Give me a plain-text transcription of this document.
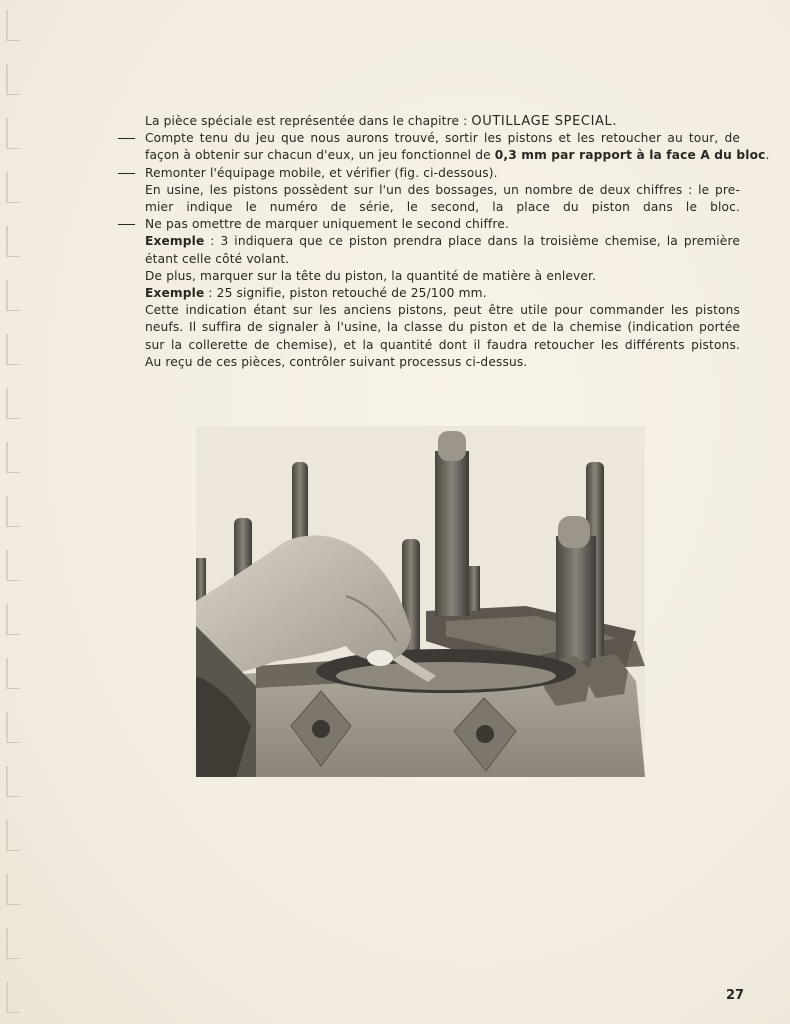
La pièce spéciale est représentée dans le chapitre : OUTILLAGE SPECIAL.
Compte tenu du jeu que nous aurons trouvé, sortir les pistons et les retoucher au tour, de
façon à obtenir sur chacun d'eux, un jeu fonctionnel de 0,3 mm par rapport à la face A du bloc.
Remonter l'équipage mobile, et vérifier (fig. ci-dessous).
En usine, les pistons possèdent sur l'un des bossages, un nombre de deux chiffres : le pre-
mier indique le numéro de série, le second, la place du piston dans le bloc.
Ne pas omettre de marquer uniquement le second chiffre.
Exemple : 3 indiquera que ce piston prendra place dans la troisième chemise, la première
étant celle côté volant.
De plus, marquer sur la tête du piston, la quantité de matière à enlever.
Exemple : 25 signifie, piston retouché de 25/100 mm.
Cette indication étant sur les anciens pistons, peut être utile pour commander les pistons
neufs. Il suffira de signaler à l'usine, la classe du piston et de la chemise (indication portée
sur la collerette de chemise), et la quantité dont il faudra retoucher les différents pistons.
Au reçu de ces pièces, contrôler suivant processus ci-dessus.
27
